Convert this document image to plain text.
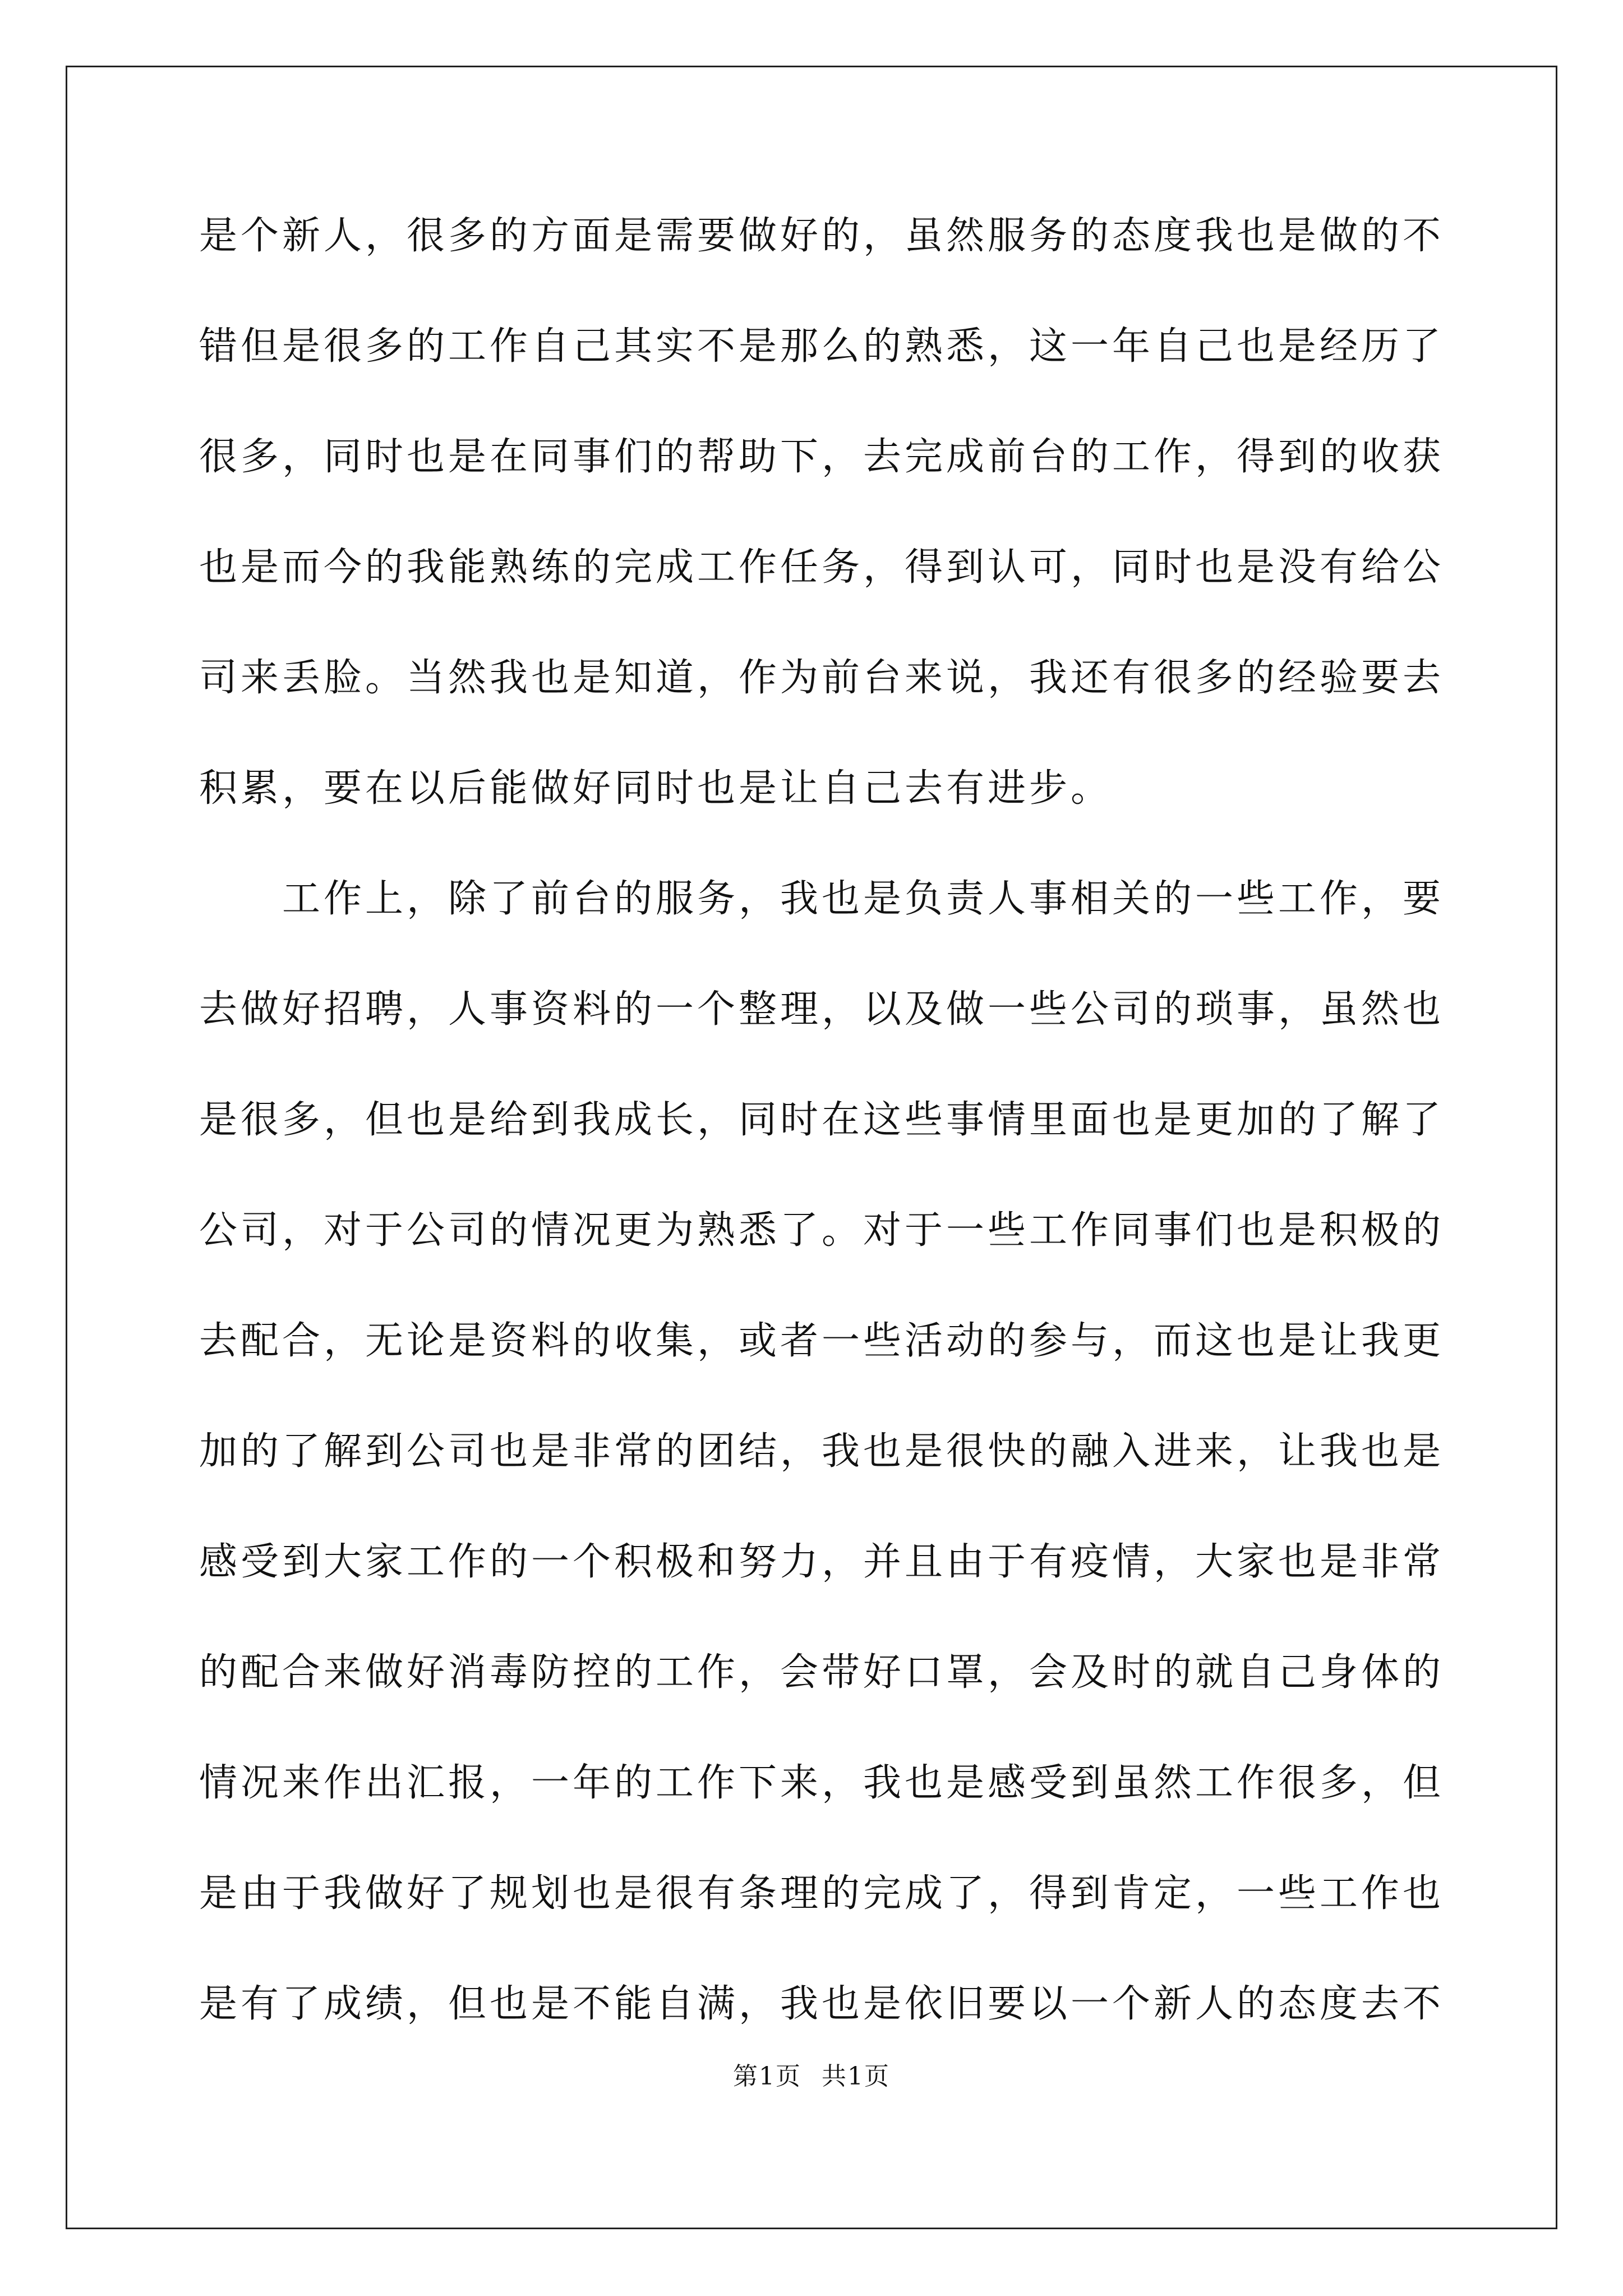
是个新人，很多的方面是需要做好的，虽然服务的态度我也是做的不
错但是很多的工作自己其实不是那么的熟悉，这一年自己也是经历了
很多，同时也是在同事们的帮助下，去完成前台的工作，得到的收获
也是而今的我能熟练的完成工作任务，得到认可，同时也是没有给公
司来丢脸。当然我也是知道，作为前台来说，我还有很多的经验要去
积累，要在以后能做好同时也是让自己去有进步。
工作上，除了前台的服务，我也是负责人事相关的一些工作，要
去做好招聘，人事资料的一个整理，以及做一些公司的琐事，虽然也
是很多，但也是给到我成长，同时在这些事情里面也是更加的了解了
公司，对于公司的情况更为熟悉了。对于一些工作同事们也是积极的
去配合，无论是资料的收集，或者一些活动的参与，而这也是让我更
加的了解到公司也是非常的团结，我也是很快的融入进来，让我也是
感受到大家工作的一个积极和努力，并且由于有疫情，大家也是非常
的配合来做好消毒防控的工作，会带好口罩，会及时的就自己身体的
情况来作出汇报，一年的工作下来，我也是感受到虽然工作很多，但
是由于我做好了规划也是很有条理的完成了，得到肯定，一些工作也
是有了成绩，但也是不能自满，我也是依旧要以一个新人的态度去不
第1页 共1页
